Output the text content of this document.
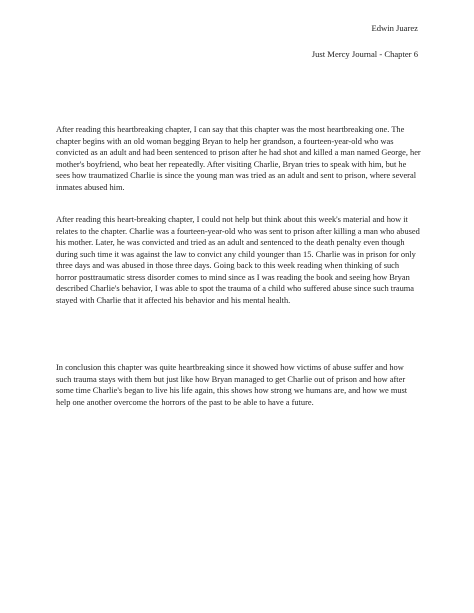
Edwin Juarez
Just Mercy Journal - Chapter 6

After reading this heartbreaking chapter, I can say that this chapter was the most heartbreaking one. The chapter begins with an old woman begging Bryan to help her grandson, a fourteen-year-old who was convicted as an adult and had been sentenced to prison after he had shot and killed a man named George, her mother's boyfriend, who beat her repeatedly. After visiting Charlie, Bryan tries to speak with him, but he sees how traumatized Charlie is since the young man was tried as an adult and sent to prison, where several inmates abused him.

After reading this heart-breaking chapter, I could not help but think about this week's material and how it relates to the chapter. Charlie was a fourteen-year-old who was sent to prison after killing a man who abused his mother. Later, he was convicted and tried as an adult and sentenced to the death penalty even though during such time it was against the law to convict any child younger than 15. Charlie was in prison for only three days and was abused in those three days. Going back to this week reading when thinking of such horror posttraumatic stress disorder comes to mind since as I was reading the book and seeing how Bryan described Charlie's behavior, I was able to spot the trauma of a child who suffered abuse since such trauma stayed with Charlie that it affected his behavior and his mental health.

In conclusion this chapter was quite heartbreaking since it showed how victims of abuse suffer and how such trauma stays with them but just like how Bryan managed to get Charlie out of prison and how after some time Charlie's began to live his life again, this shows how strong we humans are, and how we must help one another overcome the horrors of the past to be able to have a future.
